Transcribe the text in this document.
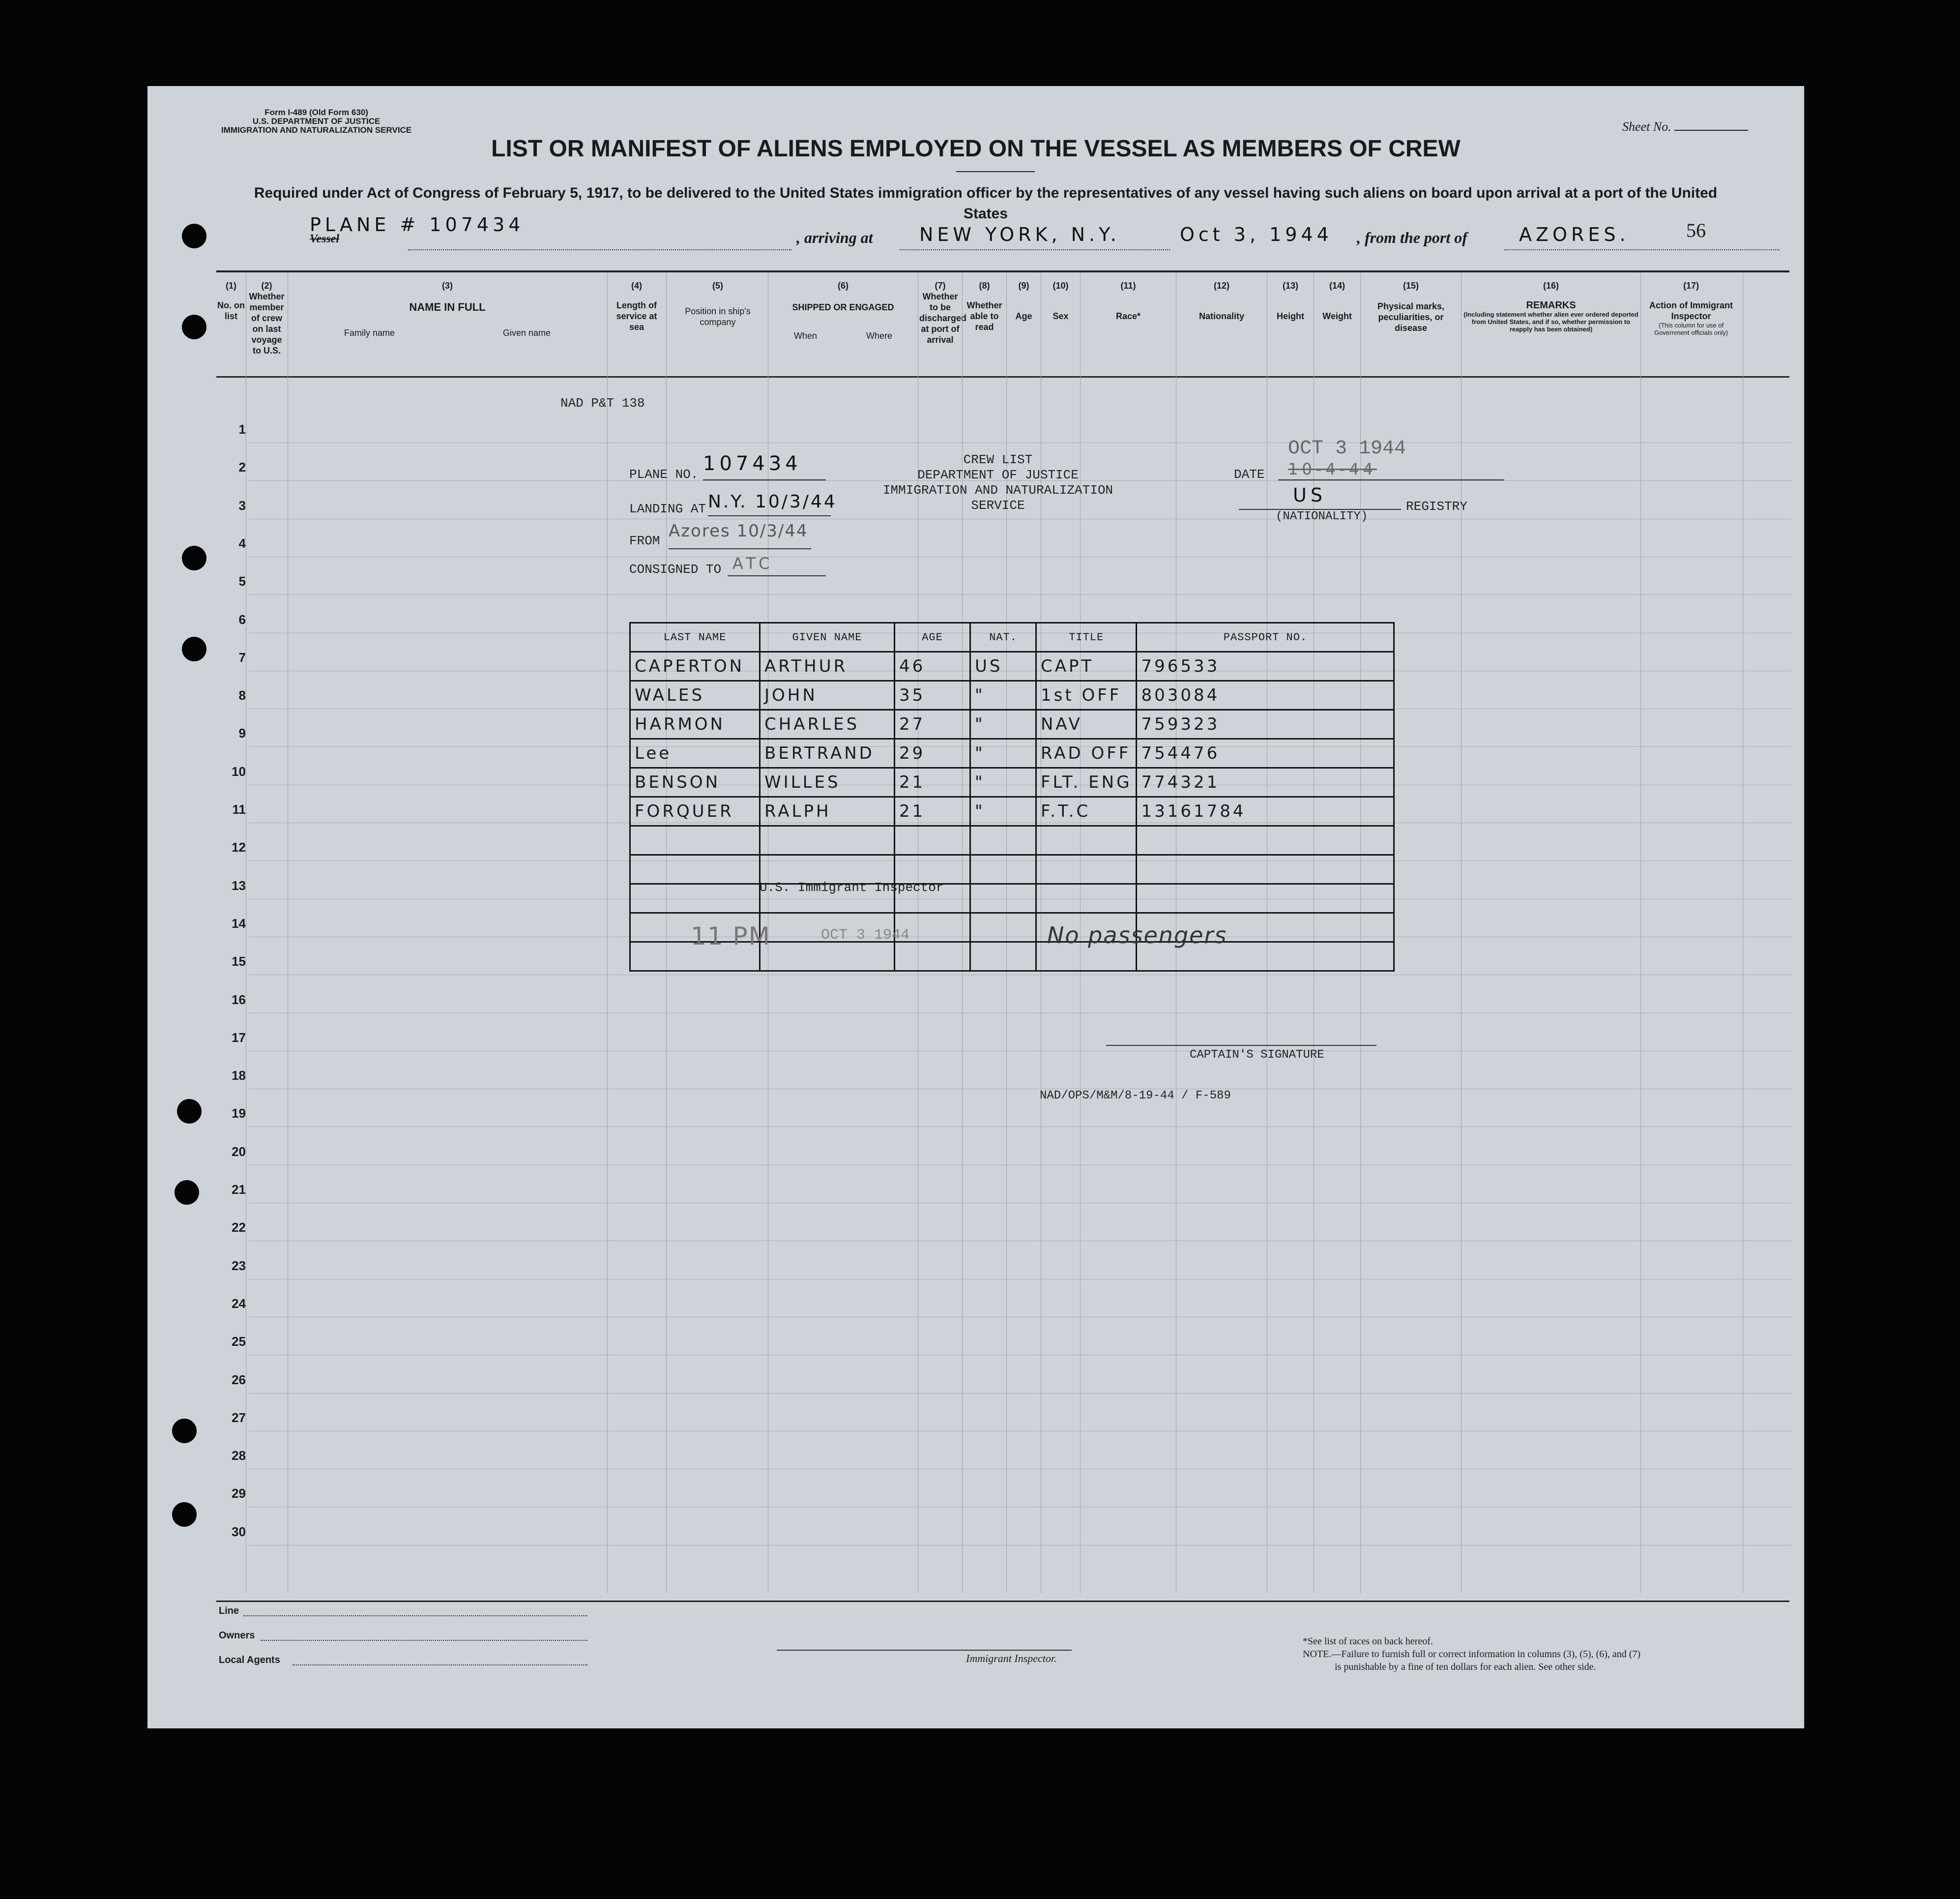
Form I-489 (Old Form 630)
U.S. DEPARTMENT OF JUSTICE
IMMIGRATION AND NATURALIZATION SERVICE	Sheet No.
LIST OR MANIFEST OF ALIENS EMPLOYED ON THE VESSEL AS MEMBERS OF CREW
Required under Act of Congress of February 5, 1917, to be delivered to the United States immigration officer by the representatives of any vessel having such aliens on board upon arrival at a port of the United States
56
PLANE # 107434
Vessel	, arriving at NEW YORK, N.Y.	Oct 3, 1944 , from the port of	AZORES.
(1)
No. on list
(2)
Whether member of crew on last voyage to U.S.
(3)
NAME IN FULL
Family name	Given name
(4)
Length of service at sea
(5)
Position in ship's company
(6)
SHIPPED OR ENGAGED
When	Where
(7)
Whether to be discharged at port of arrival
(8)
Whether able to read
(9)
Age
(10)
Sex
(11)
Race*
(12)
Nationality
(13)
Height
(14)
Weight
(15)
Physical marks, peculiarities, or disease
(16)
REMARKS
(Including statement whether alien ever ordered deported from United States, and if so, whether permission to reapply has been obtained)
(17)
Action of Immigrant Inspector
(This column for use of Government officials only)
1
2
3
4
5
6
7
8
9
10
11
12
13
14
15
16
17
18
19
20
21
22
23
24
25
26
27
28
29
30
NAD P&T 138
PLANE NO. 107434
LANDING AT N.Y. 10/3/44
FROM Azores 10/3/44
CONSIGNED TO ATC
CREW LIST
DEPARTMENT OF JUSTICE
IMMIGRATION AND NATURALIZATION SERVICE
DATE
OCT 3 1944
10-4-44
US
(NATIONALITY)
REGISTRY
LAST NAME	GIVEN NAME	AGE	NAT.	TITLE	PASSPORT NO.
CAPERTON	ARTHUR	46	US	CAPT	796533
WALES	JOHN	35	"	1st OFF	803084
HARMON	CHARLES	27	"	NAV	759323
Lee	BERTRAND	29	"	RAD OFF	754476
BENSON	WILLES	21	"	FLT. ENG	774321
FORQUER	RALPH	21	"	F.T.C	13161784

U.S. Immigrant Inspector
11 PM	OCT 3 1944	No passengers
CAPTAIN'S SIGNATURE
NAD/OPS/M&M/8-19-44 / F-589
Line
Owners
Local Agents	Immigrant Inspector.
*See list of races on back hereof.
NOTE.—Failure to furnish full or correct information in columns (3), (5), (6), and (7)
is punishable by a fine of ten dollars for each alien. See other side.
